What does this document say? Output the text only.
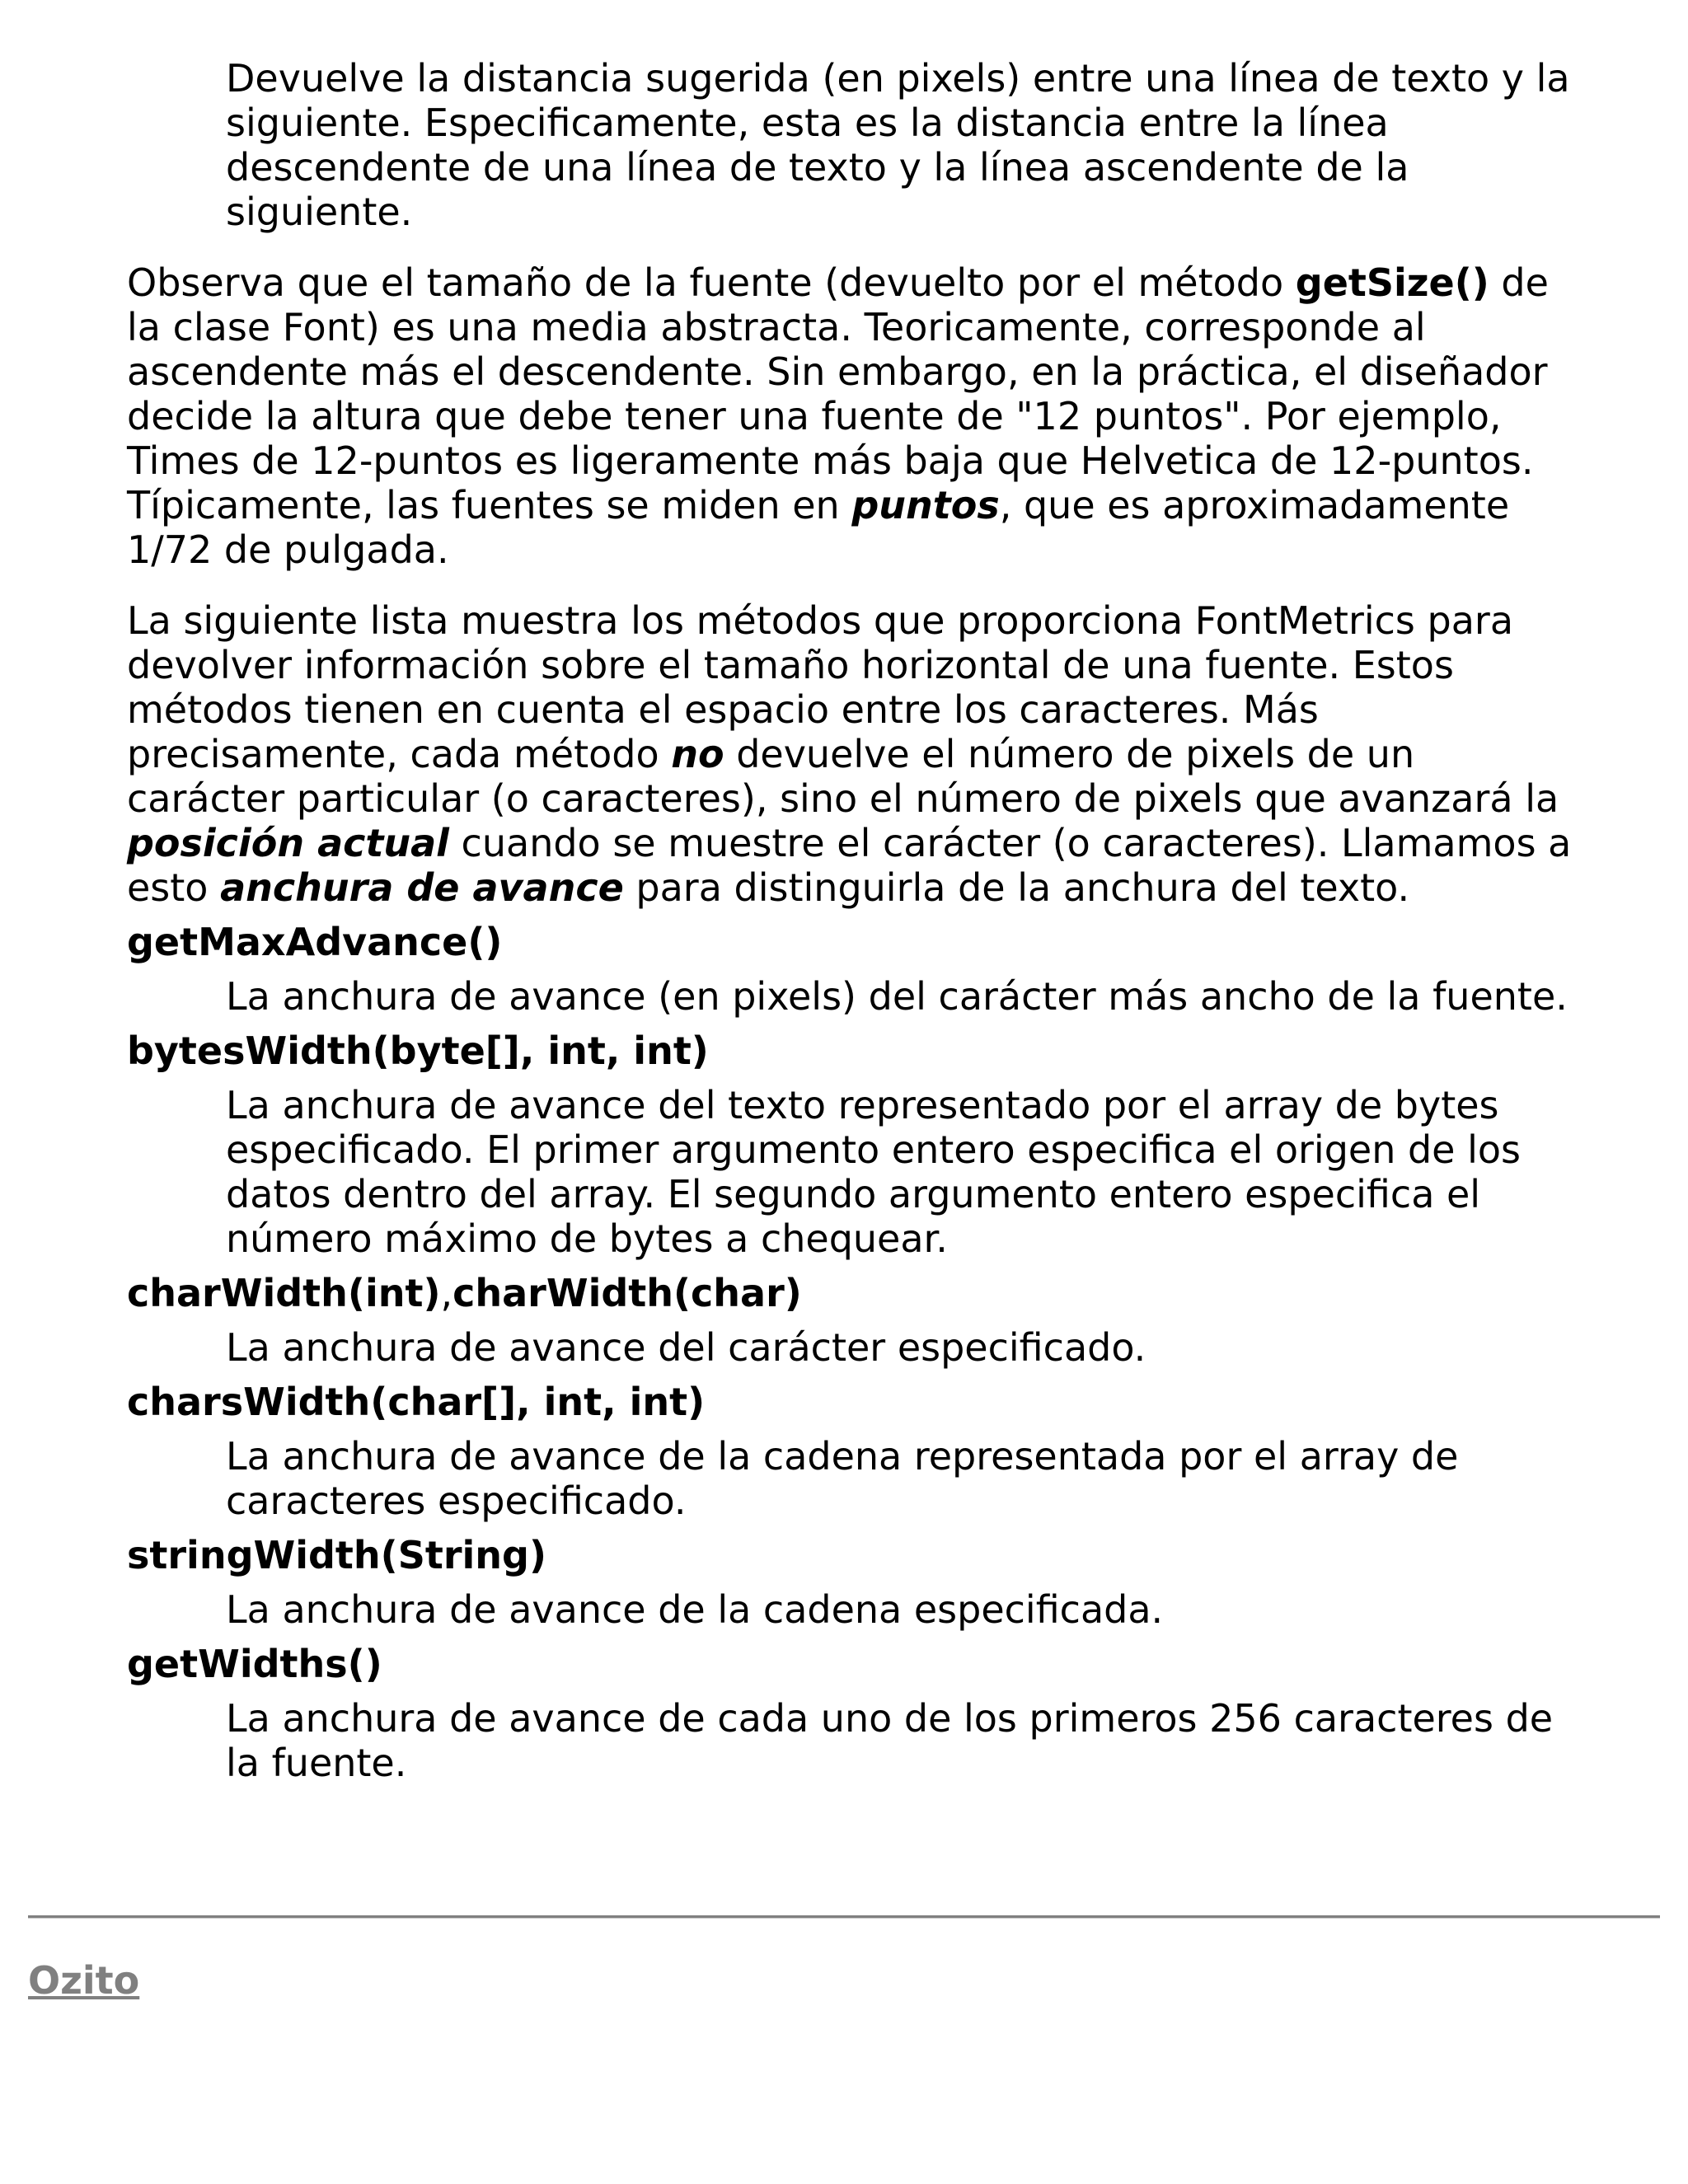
Devuelve la distancia sugerida (en pixels) entre una línea de texto y la siguiente. Especificamente, esta es la distancia entre la línea descendente de una línea de texto y la línea ascendente de la siguiente.

Observa que el tamaño de la fuente (devuelto por el método getSize() de la clase Font) es una media abstracta. Teoricamente, corresponde al ascendente más el descendente. Sin embargo, en la práctica, el diseñador decide la altura que debe tener una fuente de "12 puntos". Por ejemplo, Times de 12-puntos es ligeramente más baja que Helvetica de 12-puntos. Típicamente, las fuentes se miden en puntos, que es aproximadamente 1/72 de pulgada.

La siguiente lista muestra los métodos que proporciona FontMetrics para devolver información sobre el tamaño horizontal de una fuente. Estos métodos tienen en cuenta el espacio entre los caracteres. Más precisamente, cada método no devuelve el número de pixels de un carácter particular (o caracteres), sino el número de pixels que avanzará la posición actual cuando se muestre el carácter (o caracteres). Llamamos a esto anchura de avance para distinguirla de la anchura del texto.

getMaxAdvance()
La anchura de avance (en pixels) del carácter más ancho de la fuente.
bytesWidth(byte[], int, int)
La anchura de avance del texto representado por el array de bytes especificado. El primer argumento entero especifica el origen de los datos dentro del array. El segundo argumento entero especifica el número máximo de bytes a chequear.
charWidth(int),charWidth(char)
La anchura de avance del carácter especificado.
charsWidth(char[], int, int)
La anchura de avance de la cadena representada por el array de caracteres especificado.
stringWidth(String)
La anchura de avance de la cadena especificada.
getWidths()
La anchura de avance de cada uno de los primeros 256 caracteres de la fuente.
Ozito
